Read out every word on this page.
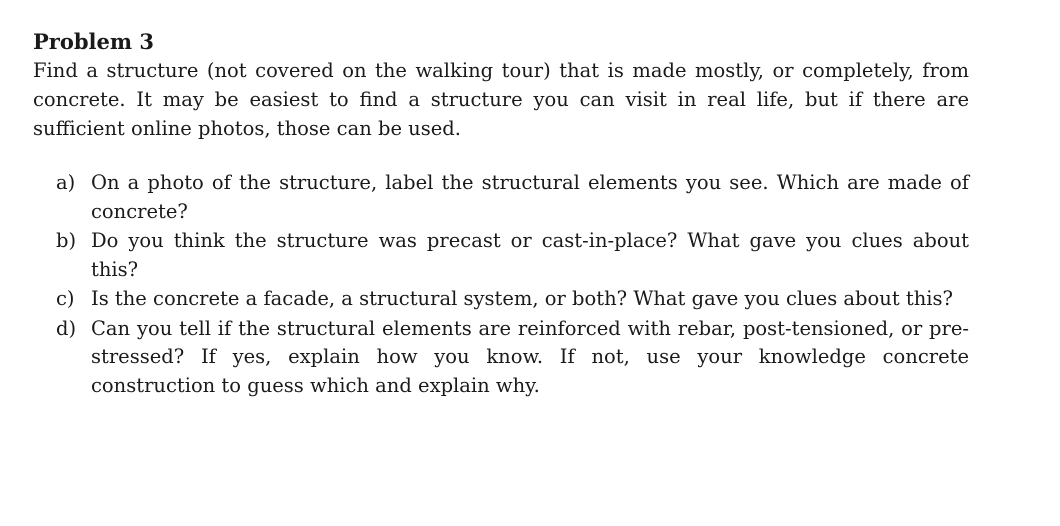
Problem 3

Find a structure (not covered on the walking tour) that is made mostly, or completely, from concrete. It may be easiest to find a structure you can visit in real life, but if there are sufficient online photos, those can be used.

a) On a photo of the structure, label the structural elements you see. Which are made of concrete?
b) Do you think the structure was precast or cast-in-place? What gave you clues about this?
c) Is the concrete a facade, a structural system, or both? What gave you clues about this?
d) Can you tell if the structural elements are reinforced with rebar, post-tensioned, or pre-stressed? If yes, explain how you know. If not, use your knowledge concrete construction to guess which and explain why.
